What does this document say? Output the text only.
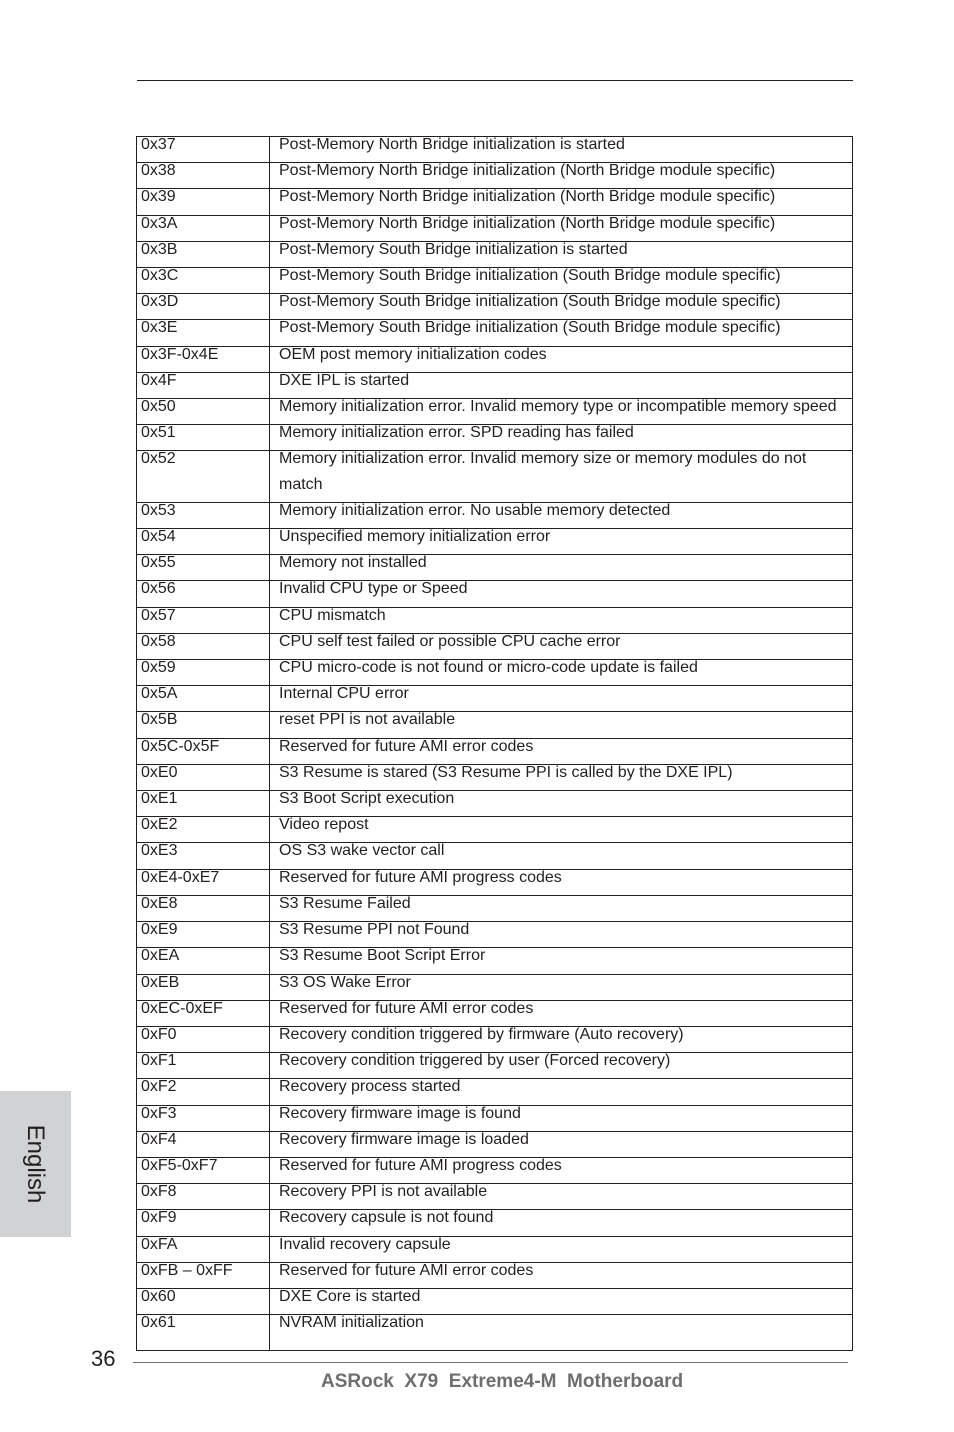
0x37	Post-Memory North Bridge initialization is started
0x38	Post-Memory North Bridge initialization (North Bridge module specific)
0x39	Post-Memory North Bridge initialization (North Bridge module specific)
0x3A	Post-Memory North Bridge initialization (North Bridge module specific)
0x3B	Post-Memory South Bridge initialization is started
0x3C	Post-Memory South Bridge initialization (South Bridge module specific)
0x3D	Post-Memory South Bridge initialization (South Bridge module specific)
0x3E	Post-Memory South Bridge initialization (South Bridge module specific)
0x3F-0x4E	OEM post memory initialization codes
0x4F	DXE IPL is started
0x50	Memory initialization error. Invalid memory type or incompatible memory speed
0x51	Memory initialization error. SPD reading has failed
0x52	Memory initialization error. Invalid memory size or memory modules do not match
0x53	Memory initialization error. No usable memory detected
0x54	Unspecified memory initialization error
0x55	Memory not installed
0x56	Invalid CPU type or Speed
0x57	CPU mismatch
0x58	CPU self test failed or possible CPU cache error
0x59	CPU micro-code is not found or micro-code update is failed
0x5A	Internal CPU error
0x5B	reset PPI is not available
0x5C-0x5F	Reserved for future AMI error codes
0xE0	S3 Resume is stared (S3 Resume PPI is called by the DXE IPL)
0xE1	S3 Boot Script execution
0xE2	Video repost
0xE3	OS S3 wake vector call
0xE4-0xE7	Reserved for future AMI progress codes
0xE8	S3 Resume Failed
0xE9	S3 Resume PPI not Found
0xEA	S3 Resume Boot Script Error
0xEB	S3 OS Wake Error
0xEC-0xEF	Reserved for future AMI error codes
0xF0	Recovery condition triggered by firmware (Auto recovery)
0xF1	Recovery condition triggered by user (Forced recovery)
0xF2	Recovery process started
0xF3	Recovery firmware image is found
0xF4	Recovery firmware image is loaded
0xF5-0xF7	Reserved for future AMI progress codes
0xF8	Recovery PPI is not available
0xF9	Recovery capsule is not found
0xFA	Invalid recovery capsule
0xFB – 0xFF	Reserved for future AMI error codes
0x60	DXE Core is started
0x61	NVRAM initialization
English
36
ASRock  X79  Extreme4-M  Motherboard
